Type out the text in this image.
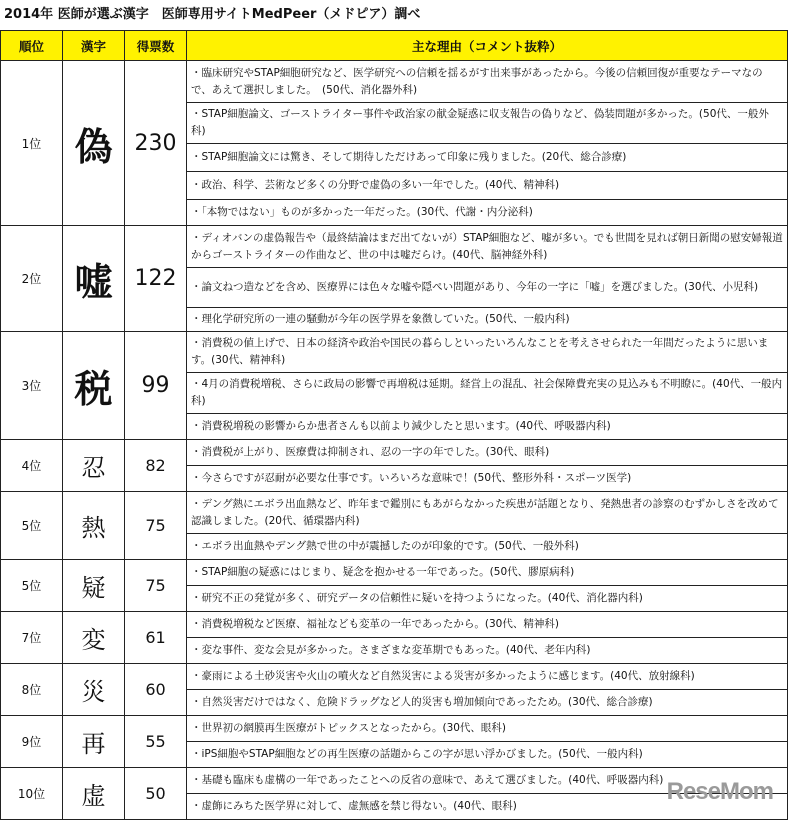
2014年 医師が選ぶ漢字　医師専用サイトMedPeer（メドピア）調べ
順位	漢字	得票数	主な理由（コメント抜粋）
1位	偽	230	・臨床研究やSTAP細胞研究など、医学研究への信頼を揺るがす出来事があったから。今後の信頼回復が重要なテーマなので、あえて選択しました。　(50代、消化器外科)
			・STAP細胞論文、ゴーストライター事件や政治家の献金疑惑に収支報告の偽りなど、偽装問題が多かった。(50代、一般外科)
			・STAP細胞論文には驚き、そして期待しただけあって印象に残りました。(20代、総合診療)
			・政治、科学、芸術など多くの分野で虚偽の多い一年でした。(40代、精神科)
			・「本物ではない」ものが多かった一年だった。(30代、代謝・内分泌科)
2位	嘘	122	・ディオバンの虚偽報告や（最終結論はまだ出てないが）STAP細胞など、嘘が多い。でも世間を見れば朝日新聞の慰安婦報道からゴーストライターの作曲など、世の中は嘘だらけ。(40代、脳神経外科)
			・論文ねつ造などを含め、医療界には色々な嘘や隠ぺい問題があり、今年の一字に「嘘」を選びました。(30代、小児科)
			・理化学研究所の一連の騒動が今年の医学界を象徴していた。(50代、一般内科)
3位	税	99	・消費税の値上げで、日本の経済や政治や国民の暮らしといったいろんなことを考えさせられた一年間だったように思います。(30代、精神科)
			・4月の消費税増税、さらに政局の影響で再増税は延期。経営上の混乱、社会保障費充実の見込みも不明瞭に。(40代、一般内科)
			・消費税増税の影響からか患者さんも以前より減少したと思います。(40代、呼吸器内科)
4位	忍	82	・消費税が上がり、医療費は抑制され、忍の一字の年でした。(30代、眼科)
			・今さらですが忍耐が必要な仕事です。いろいろな意味で！(50代、整形外科・スポーツ医学)
5位	熱	75	・デング熱にエボラ出血熱など、昨年まで鑑別にもあがらなかった疾患が話題となり、発熱患者の診察のむずかしさを改めて認識しました。(20代、循環器内科)
			・エボラ出血熱やデング熱で世の中が震撼したのが印象的です。(50代、一般外科)
5位	疑	75	・STAP細胞の疑惑にはじまり、疑念を抱かせる一年であった。(50代、膠原病科)
			・研究不正の発覚が多く、研究データの信頼性に疑いを持つようになった。(40代、消化器内科)
7位	変	61	・消費税増税など医療、福祉なども変革の一年であったから。(30代、精神科)
			・変な事件、変な会見が多かった。さまざまな変革期でもあった。(40代、老年内科)
8位	災	60	・豪雨による土砂災害や火山の噴火など自然災害による災害が多かったように感じます。(40代、放射線科)
			・自然災害だけではなく、危険ドラッグなど人的災害も増加傾向であったため。(30代、総合診療)
9位	再	55	・世界初の網膜再生医療がトピックスとなったから。(30代、眼科)
			・iPS細胞やSTAP細胞などの再生医療の話題からこの字が思い浮かびました。(50代、一般内科)
10位	虚	50	・基礎も臨床も虚構の一年であったことへの反省の意味で、あえて選びました。(40代、呼吸器内科)
			・虚飾にみちた医学界に対して、虚無感を禁じ得ない。(40代、眼科)
ReseMom
